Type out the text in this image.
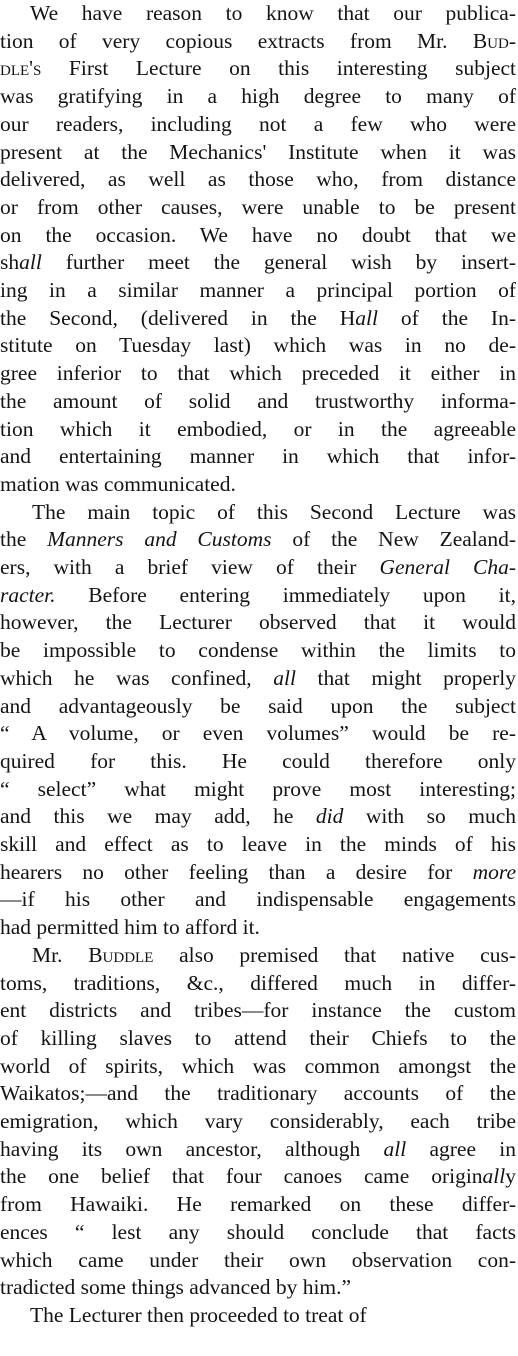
We have reason to know that our publica-
tion of very copious extracts from Mr. Bud-
dle's First Lecture on this interesting subject
was gratifying in a high degree to many of
our readers, including not a few who were
present at the Mechanics' Institute when it was
delivered, as well as those who, from distance
or from other causes, were unable to be present
on the occasion. We have no doubt that we
shall further meet the general wish by insert-
ing in a similar manner a principal portion of
the Second, (delivered in the Hall of the In-
stitute on Tuesday last) which was in no de-
gree inferior to that which preceded it either in
the amount of solid and trustworthy informa-
tion which it embodied, or in the agreeable
and entertaining manner in which that infor-
mation was communicated.
The main topic of this Second Lecture was
the Manners and Customs of the New Zealand-
ers, with a brief view of their General Cha-
racter. Before entering immediately upon it,
however, the Lecturer observed that it would
be impossible to condense within the limits to
which he was confined, all that might properly
and advantageously be said upon the subject
“ A volume, or even volumes” would be re-
quired for this. He could therefore only
“ select” what might prove most interesting;
and this we may add, he did with so much
skill and effect as to leave in the minds of his
hearers no other feeling than a desire for more
—if his other and indispensable engagements
had permitted him to afford it.
Mr. Buddle also premised that native cus-
toms, traditions, &c., differed much in differ-
ent districts and tribes—for instance the custom
of killing slaves to attend their Chiefs to the
world of spirits, which was common amongst the
Waikatos;—and the traditionary accounts of the
emigration, which vary considerably, each tribe
having its own ancestor, although all agree in
the one belief that four canoes came originally
from Hawaiki. He remarked on these differ-
ences “ lest any should conclude that facts
which came under their own observation con-
tradicted some things advanced by him.”
The Lecturer then proceeded to treat of
